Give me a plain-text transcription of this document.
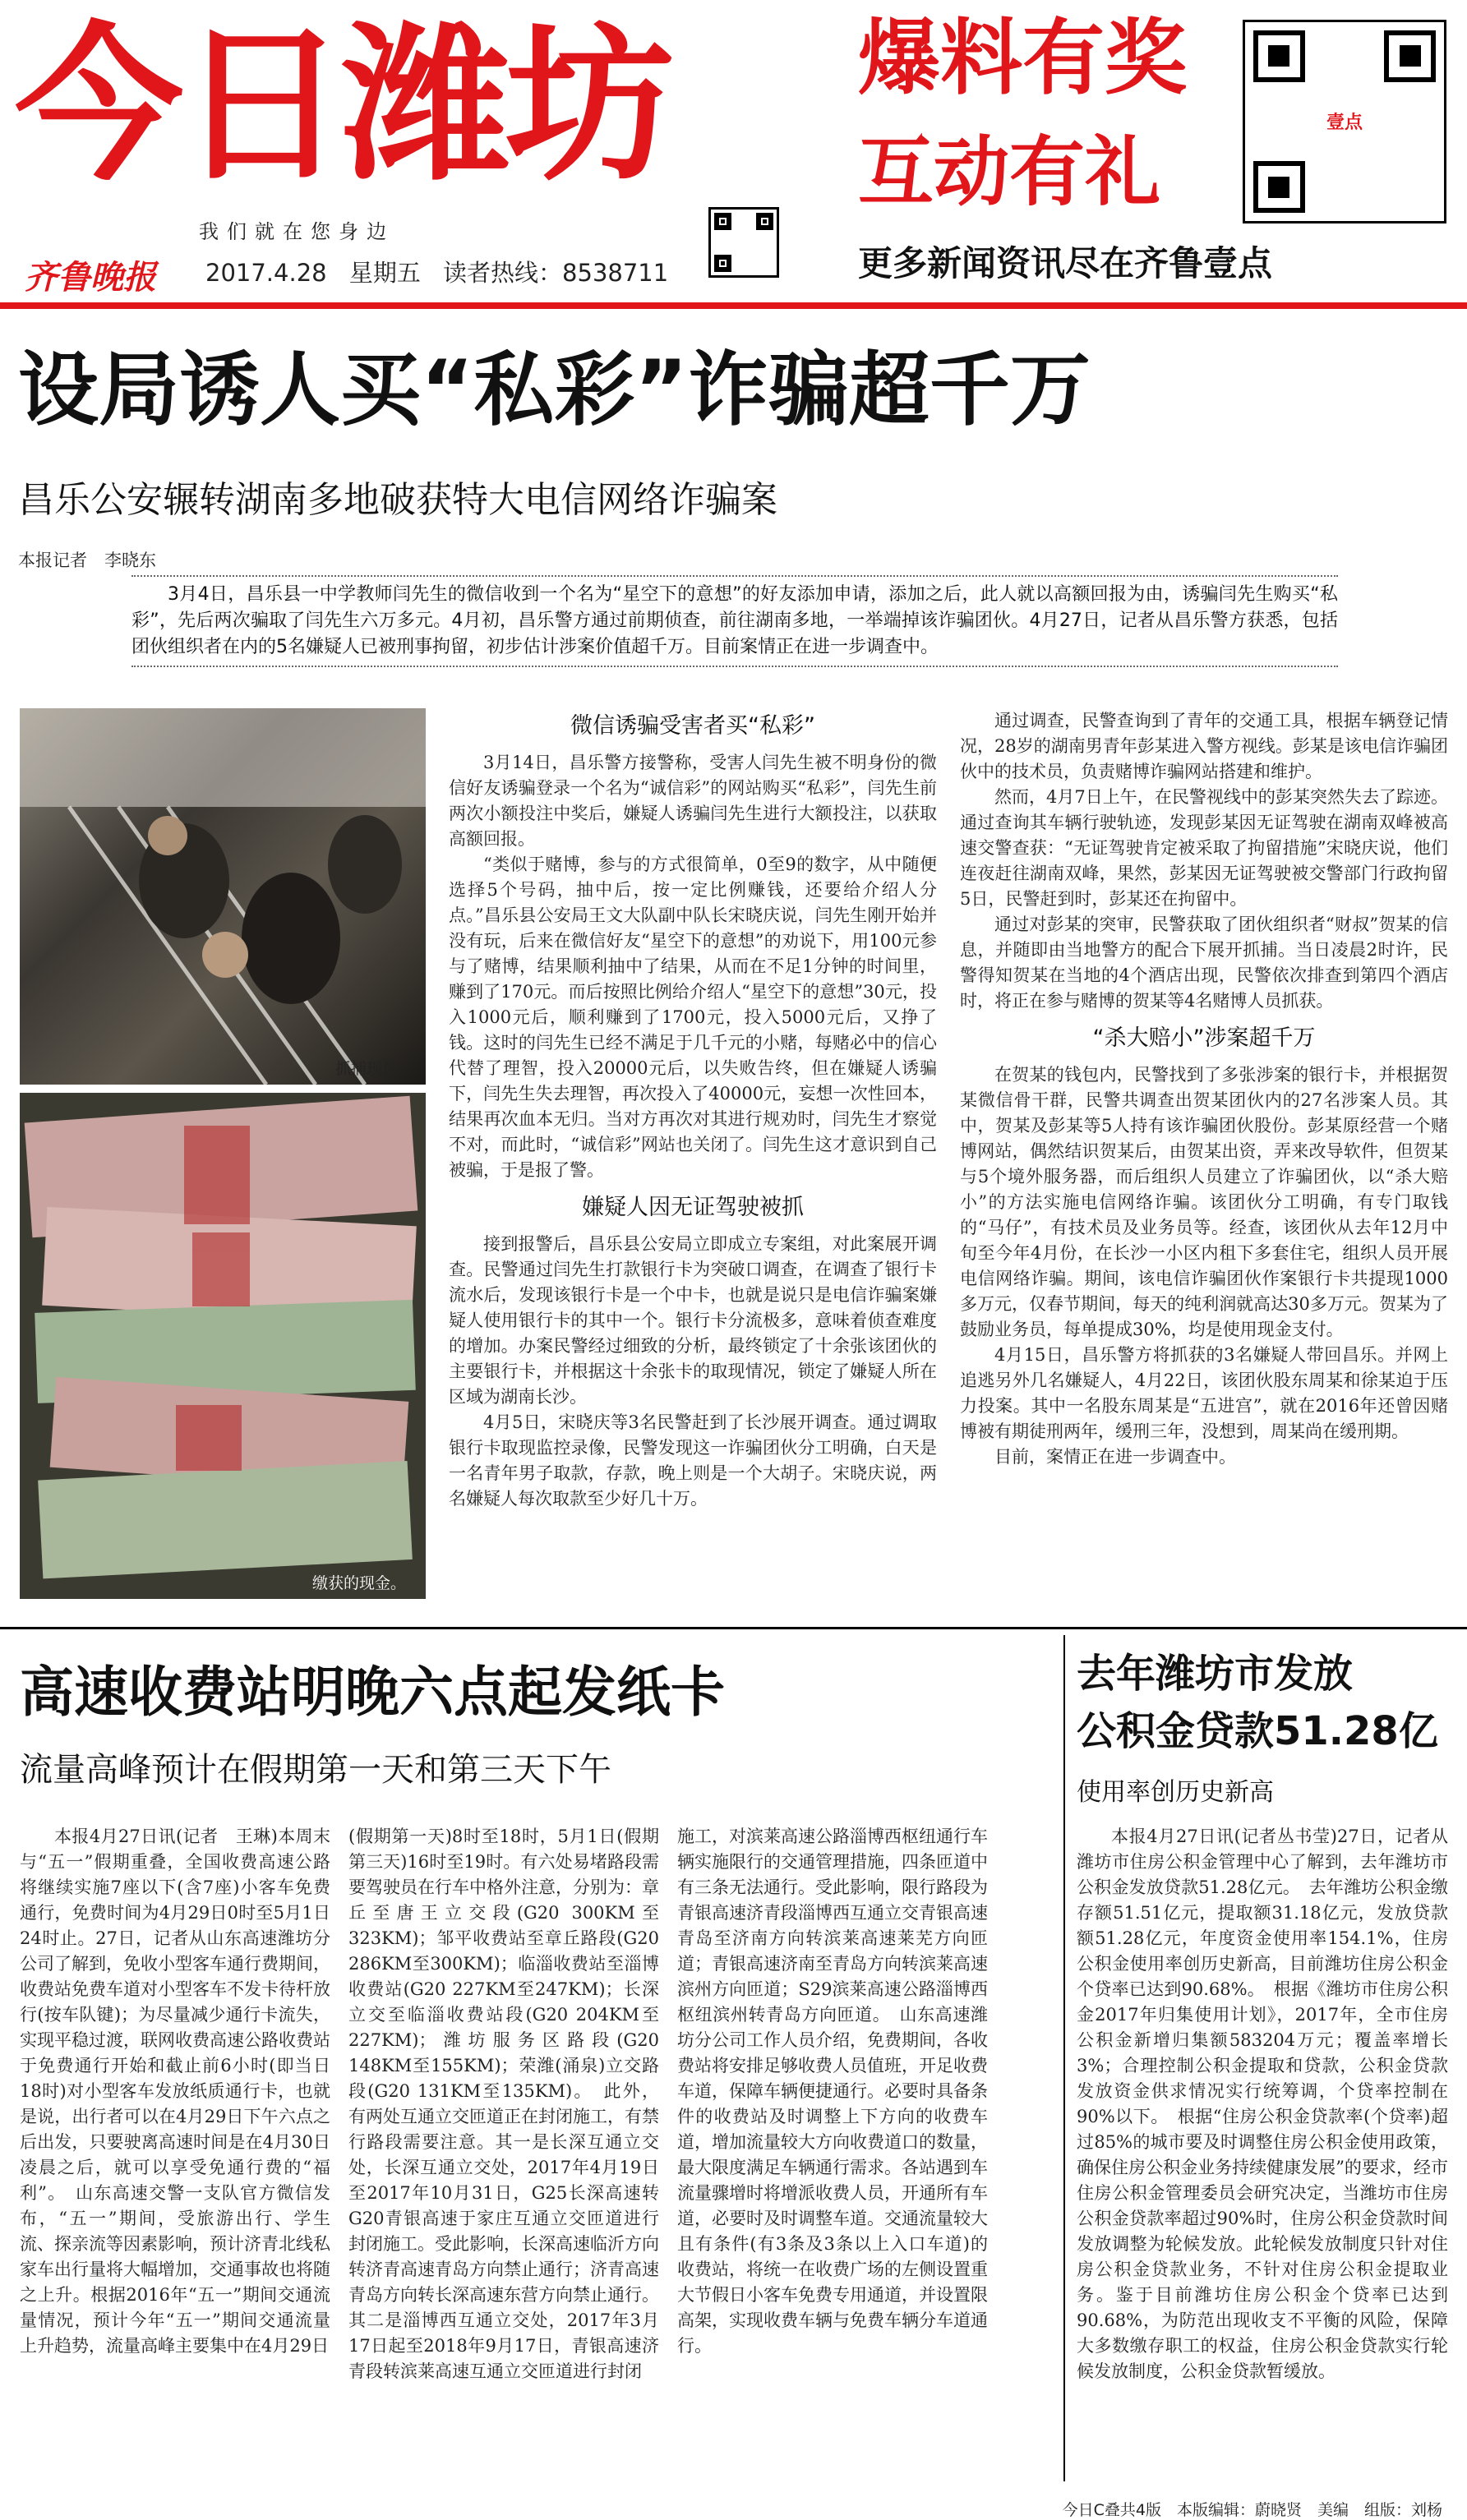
今日潍坊
我们就在您身边
齐鲁晚报 2017.4.28 星期五 读者热线：8538711
爆料有奖
互动有礼
更多新闻资讯尽在齐鲁壹点
壹点
设局诱人买“私彩”诈骗超千万
昌乐公安辗转湖南多地破获特大电信网络诈骗案
本报记者　李晓东
3月4日，昌乐县一中学教师闫先生的微信收到一个名为“星空下的意想”的好友添加申请，添加之后，此人就以高额回报为由，诱骗闫先生购买“私彩”，先后两次骗取了闫先生六万多元。4月初，昌乐警方通过前期侦查，前往湖南多地，一举端掉该诈骗团伙。4月27日，记者从昌乐警方获悉，包括团伙组织者在内的5名嫌疑人已被刑事拘留，初步估计涉案价值超千万。目前案情正在进一步调查中。
抓捕现场
缴获的现金。
微信诱骗受害者买“私彩”

3月14日，昌乐警方接警称，受害人闫先生被不明身份的微信好友诱骗登录一个名为“诚信彩”的网站购买“私彩”，闫先生前两次小额投注中奖后，嫌疑人诱骗闫先生进行大额投注，以获取高额回报。

“类似于赌博，参与的方式很简单，0至9的数字，从中随便选择5个号码，抽中后，按一定比例赚钱，还要给介绍人分点。”昌乐县公安局王文大队副中队长宋晓庆说，闫先生刚开始并没有玩，后来在微信好友“星空下的意想”的劝说下，用100元参与了赌博，结果顺利抽中了结果，从而在不足1分钟的时间里，赚到了170元。而后按照比例给介绍人“星空下的意想”30元，投入1000元后，顺利赚到了1700元，投入5000元后，又挣了钱。这时的闫先生已经不满足于几千元的小赌，每赌必中的信心代替了理智，投入20000元后，以失败告终，但在嫌疑人诱骗下，闫先生失去理智，再次投入了40000元，妄想一次性回本，结果再次血本无归。当对方再次对其进行规劝时，闫先生才察觉不对，而此时，“诚信彩”网站也关闭了。闫先生这才意识到自己被骗，于是报了警。

嫌疑人因无证驾驶被抓

接到报警后，昌乐县公安局立即成立专案组，对此案展开调查。民警通过闫先生打款银行卡为突破口调查，在调查了银行卡流水后，发现该银行卡是一个中卡，也就是说只是电信诈骗案嫌疑人使用银行卡的其中一个。银行卡分流极多，意味着侦查难度的增加。办案民警经过细致的分析，最终锁定了十余张该团伙的主要银行卡，并根据这十余张卡的取现情况，锁定了嫌疑人所在区域为湖南长沙。

4月5日，宋晓庆等3名民警赶到了长沙展开调查。通过调取银行卡取现监控录像，民警发现这一诈骗团伙分工明确，白天是一名青年男子取款，存款，晚上则是一个大胡子。宋晓庆说，两名嫌疑人每次取款至少好几十万。

通过调查，民警查询到了青年的交通工具，根据车辆登记情况，28岁的湖南男青年彭某进入警方视线。彭某是该电信诈骗团伙中的技术员，负责赌博诈骗网站搭建和维护。

然而，4月7日上午，在民警视线中的彭某突然失去了踪迹。通过查询其车辆行驶轨迹，发现彭某因无证驾驶在湖南双峰被高速交警查获：“无证驾驶肯定被采取了拘留措施”宋晓庆说，他们连夜赶往湖南双峰，果然，彭某因无证驾驶被交警部门行政拘留5日，民警赶到时，彭某还在拘留中。

通过对彭某的突审，民警获取了团伙组织者“财叔”贺某的信息，并随即由当地警方的配合下展开抓捕。当日凌晨2时许，民警得知贺某在当地的4个酒店出现，民警依次排查到第四个酒店时，将正在参与赌博的贺某等4名赌博人员抓获。

“杀大赔小”涉案超千万

在贺某的钱包内，民警找到了多张涉案的银行卡，并根据贺某微信骨干群，民警共调查出贺某团伙内的27名涉案人员。其中，贺某及彭某等5人持有该诈骗团伙股份。彭某原经营一个赌博网站，偶然结识贺某后，由贺某出资，弄来改导软件，但贺某与5个境外服务器，而后组织人员建立了诈骗团伙，以“杀大赔小”的方法实施电信网络诈骗。该团伙分工明确，有专门取钱的“马仔”，有技术员及业务员等。经查，该团伙从去年12月中旬至今年4月份，在长沙一小区内租下多套住宅，组织人员开展电信网络诈骗。期间，该电信诈骗团伙作案银行卡共提现1000多万元，仅春节期间，每天的纯利润就高达30多万元。贺某为了鼓励业务员，每单提成30%，均是使用现金支付。

4月15日，昌乐警方将抓获的3名嫌疑人带回昌乐。并网上追逃另外几名嫌疑人，4月22日，该团伙股东周某和徐某迫于压力投案。其中一名股东周某是“五进宫”，就在2016年还曾因赌博被有期徒刑两年，缓刑三年，没想到，周某尚在缓刑期。

目前，案情正在进一步调查中。

高速收费站明晚六点起发纸卡
流量高峰预计在假期第一天和第三天下午

本报4月27日讯(记者　王琳)本周末与“五一”假期重叠，全国收费高速公路将继续实施7座以下(含7座)小客车免费通行，免费时间为4月29日0时至5月1日24时止。27日，记者从山东高速潍坊分公司了解到，免收小型客车通行费期间，收费站免费车道对小型客车不发卡待杆放行(按车队键)；为尽量减少通行卡流失，实现平稳过渡，联网收费高速公路收费站于免费通行开始和截止前6小时(即当日18时)对小型客车发放纸质通行卡，也就是说，出行者可以在4月29日下午六点之后出发，只要驶离高速时间是在4月30日凌晨之后，就可以享受免通行费的“福利”。　山东高速交警一支队官方微信发布，“五一”期间，受旅游出行、学生流、探亲流等因素影响，预计济青北线私家车出行量将大幅增加，交通事故也将随之上升。根据2016年“五一”期间交通流量情况，预计今年“五一”期间交通流量上升趋势，流量高峰主要集中在4月29日

(假期第一天)8时至18时，5月1日(假期第三天)16时至19时。有六处易堵路段需要驾驶员在行车中格外注意，分别为：章丘至唐王立交段(G20 300KM至323KM)；邹平收费站至章丘路段(G20 286KM至300KM)；临淄收费站至淄博收费站(G20 227KM至247KM)；长深立交至临淄收费站段(G20 204KM至227KM)；潍坊服务区路段(G20 148KM至155KM)；荣潍(涌泉)立交路段(G20 131KM至135KM)。　此外，有两处互通立交匝道正在封闭施工，有禁行路段需要注意。其一是长深互通立交处，长深互通立交处，2017年4月19日至2017年10月31日，G25长深高速转G20青银高速于家庄互通立交匝道进行封闭施工。受此影响，长深高速临沂方向转济青高速青岛方向禁止通行；济青高速青岛方向转长深高速东营方向禁止通行。其二是淄博西互通立交处，2017年3月17日起至2018年9月17日，青银高速济青段转滨莱高速互通立交匝道进行封闭

施工，对滨莱高速公路淄博西枢纽通行车辆实施限行的交通管理措施，四条匝道中有三条无法通行。受此影响，限行路段为青银高速济青段淄博西互通立交青银高速青岛至济南方向转滨莱高速莱芜方向匝道；青银高速济南至青岛方向转滨莱高速滨州方向匝道；S29滨莱高速公路淄博西枢纽滨州转青岛方向匝道。　山东高速潍坊分公司工作人员介绍，免费期间，各收费站将安排足够收费人员值班，开足收费车道，保障车辆便捷通行。必要时具备条件的收费站及时调整上下方向的收费车道，增加流量较大方向收费道口的数量，最大限度满足车辆通行需求。各站遇到车流量骤增时将增派收费人员，开通所有车道，必要时及时调整车道。交通流量较大且有条件(有3条及3条以上入口车道)的收费站，将统一在收费广场的左侧设置重大节假日小客车免费专用通道，并设置限高架，实现收费车辆与免费车辆分车道通行。

去年潍坊市发放
公积金贷款51.28亿
使用率创历史新高

本报4月27日讯(记者丛书莹)27日，记者从潍坊市住房公积金管理中心了解到，去年潍坊市公积金发放贷款51.28亿元。　去年潍坊公积金缴存额51.51亿元，提取额31.18亿元，发放贷款额51.28亿元，年度资金使用率154.1%，住房公积金使用率创历史新高，目前潍坊住房公积金个贷率已达到90.68%。　根据《潍坊市住房公积金2017年归集使用计划》，2017年，全市住房公积金新增归集额583204万元；覆盖率增长3%；合理控制公积金提取和贷款，公积金贷款发放资金供求情况实行统筹调，个贷率控制在90%以下。　根据“住房公积金贷款率(个贷率)超过85%的城市要及时调整住房公积金使用政策，确保住房公积金业务持续健康发展”的要求，经市住房公积金管理委员会研究决定，当潍坊市住房公积金贷款率超过90%时，住房公积金贷款时间发放调整为轮候发放。此轮候发放制度只针对住房公积金贷款业务，不针对住房公积金提取业务。鉴于目前潍坊住房公积金个贷率已达到90.68%，为防范出现收支不平衡的风险，保障大多数缴存职工的权益，住房公积金贷款实行轮候发放制度，公积金贷款暂缓放。

今日C叠共4版　本版编辑：蔚晓贤　美编　组版：刘杨
